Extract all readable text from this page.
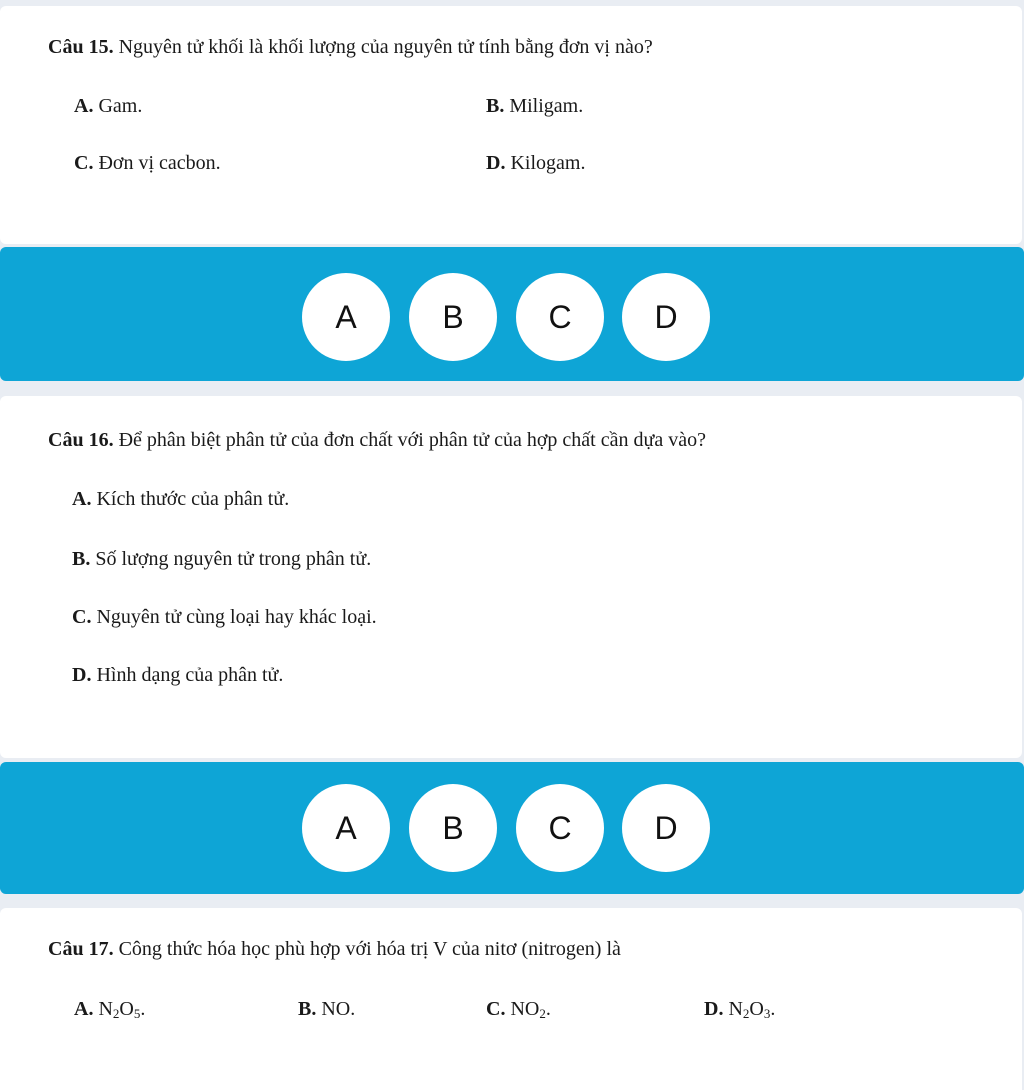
Câu 15. Nguyên tử khối là khối lượng của nguyên tử tính bằng đơn vị nào?
A. Gam.	B. Miligam.
C. Đơn vị cacbon.	D. Kilogam.
A	B	C	D
Câu 16. Để phân biệt phân tử của đơn chất với phân tử của hợp chất cần dựa vào?
A. Kích thước của phân tử.
B. Số lượng nguyên tử trong phân tử.
C. Nguyên tử cùng loại hay khác loại.
D. Hình dạng của phân tử.
A	B	C	D
Câu 17. Công thức hóa học phù hợp với hóa trị V của nitơ (nitrogen) là
A. $N_2O_5$.	B. NO.	C. $NO_2$.	D. $N_2O_3$.
